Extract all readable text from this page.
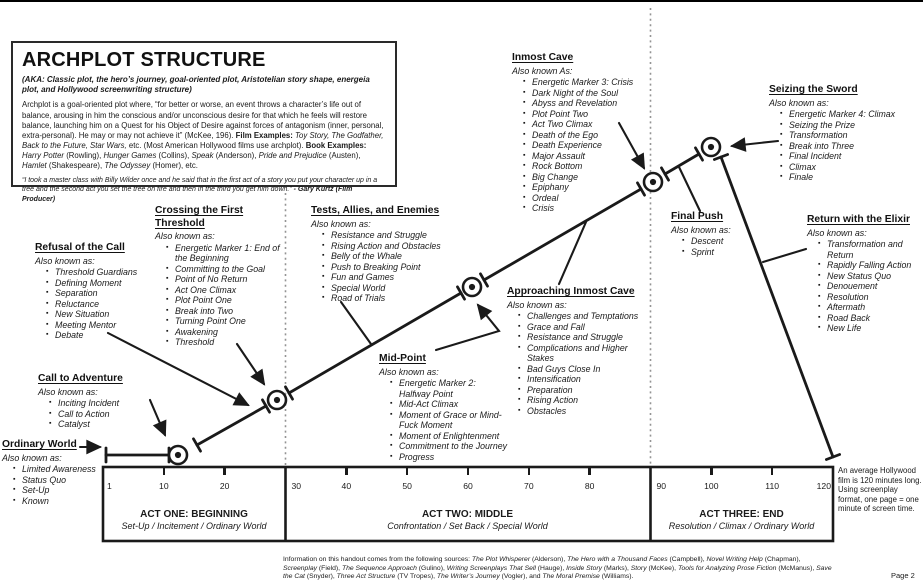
ARCHPLOT STRUCTURE
(AKA: Classic plot, the hero’s journey, goal-oriented plot, Aristotelian story shape, energeia plot, and Hollywood screenwriting structure)
Archplot is a goal-oriented plot where, “for better or worse, an event throws a character’s life out of balance, arousing in him the conscious and/or unconscious desire for that which he feels will restore balance, launching him on a Quest for his Object of Desire against forces of antagonism (inner, personal, extra-personal). He may or may not achieve it” (McKee, 196). Film Examples: Toy Story, The Godfather, Back to the Future, Star Wars, etc. (Most American Hollywood films use archplot). Book Examples: Harry Potter (Rowling), Hunger Games (Collins), Speak (Anderson), Pride and Prejudice (Austen), Hamlet (Shakespeare), The Odyssey (Homer), etc.
“I took a master class with Billy Wilder once and he said that in the first act of a story you put your character up in a tree and the second act you set the tree on fire and then in the third you get him down.” - Gary Kurtz (Film Producer)
Ordinary World
Also known as:
▪ Limited Awareness
▪ Status Quo
▪ Set-Up
▪ Known
Call to Adventure
Also known as:
▪ Inciting Incident
▪ Call to Action
▪ Catalyst
Refusal of the Call
Also known as:
▪ Threshold Guardians
▪ Defining Moment
▪ Separation
▪ Reluctance
▪ New Situation
▪ Meeting Mentor
▪ Debate
Crossing the First Threshold
Also known as:
▪ Energetic Marker 1: End of the Beginning
▪ Committing to the Goal
▪ Point of No Return
▪ Act One Climax
▪ Plot Point One
▪ Break into Two
▪ Turning Point One
▪ Awakening
▪ Threshold
Tests, Allies, and Enemies
Also known as:
▪ Resistance and Struggle
▪ Rising Action and Obstacles
▪ Belly of the Whale
▪ Push to Breaking Point
▪ Fun and Games
▪ Special World
▪ Road of Trials
Mid-Point
Also known as:
▪ Energetic Marker 2: Halfway Point
▪ Mid-Act Climax
▪ Moment of Grace or Mind-Fuck Moment
▪ Moment of Enlightenment
▪ Commitment to the Journey
▪ Progress
Approaching Inmost Cave
Also known as:
▪ Challenges and Temptations
▪ Grace and Fall
▪ Resistance and Struggle
▪ Complications and Higher Stakes
▪ Bad Guys Close In
▪ Intensification
▪ Preparation
▪ Rising Action
▪ Obstacles
Inmost Cave
Also known As:
▪ Energetic Marker 3: Crisis
▪ Dark Night of the Soul
▪ Abyss and Revelation
▪ Plot Point Two
▪ Act Two Climax
▪ Death of the Ego
▪ Death Experience
▪ Major Assault
▪ Rock Bottom
▪ Big Change
▪ Epiphany
▪ Ordeal
▪ Crisis
Seizing the Sword
Also known as:
▪ Energetic Marker 4: Climax
▪ Seizing the Prize
▪ Transformation
▪ Break into Three
▪ Final Incident
▪ Climax
▪ Finale
Final Push
Also known as:
▪ Descent
▪ Sprint
Return with the Elixir
Also known as:
▪ Transformation and Return
▪ Rapidly Falling Action
▪ New Status Quo
▪ Denouement
▪ Resolution
▪ Aftermath
▪ Road Back
▪ New Life
1	10	20	30	40	50	60	70	80	90	100	110	120
ACT ONE: BEGINNING
Set-Up / Incitement / Ordinary World
ACT TWO: MIDDLE
Confrontation / Set Back / Special World
ACT THREE: END
Resolution / Climax / Ordinary World
An average Hollywood film is 120 minutes long. Using screenplay format, one page = one minute of screen time.
Information on this handout comes from the following sources: The Plot Whisperer (Alderson), The Hero with a Thousand Faces (Campbell), Novel Writing Help (Chapman), Screenplay (Field), The Sequence Approach (Gulino), Writing Screenplays That Sell (Hauge), Inside Story (Marks), Story (McKee), Tools for Analyzing Prose Fiction (McManus), Save the Cat (Snyder), Three Act Structure (TV Tropes), The Writer’s Journey (Vogler), and The Moral Premise (Williams).	Page 2
